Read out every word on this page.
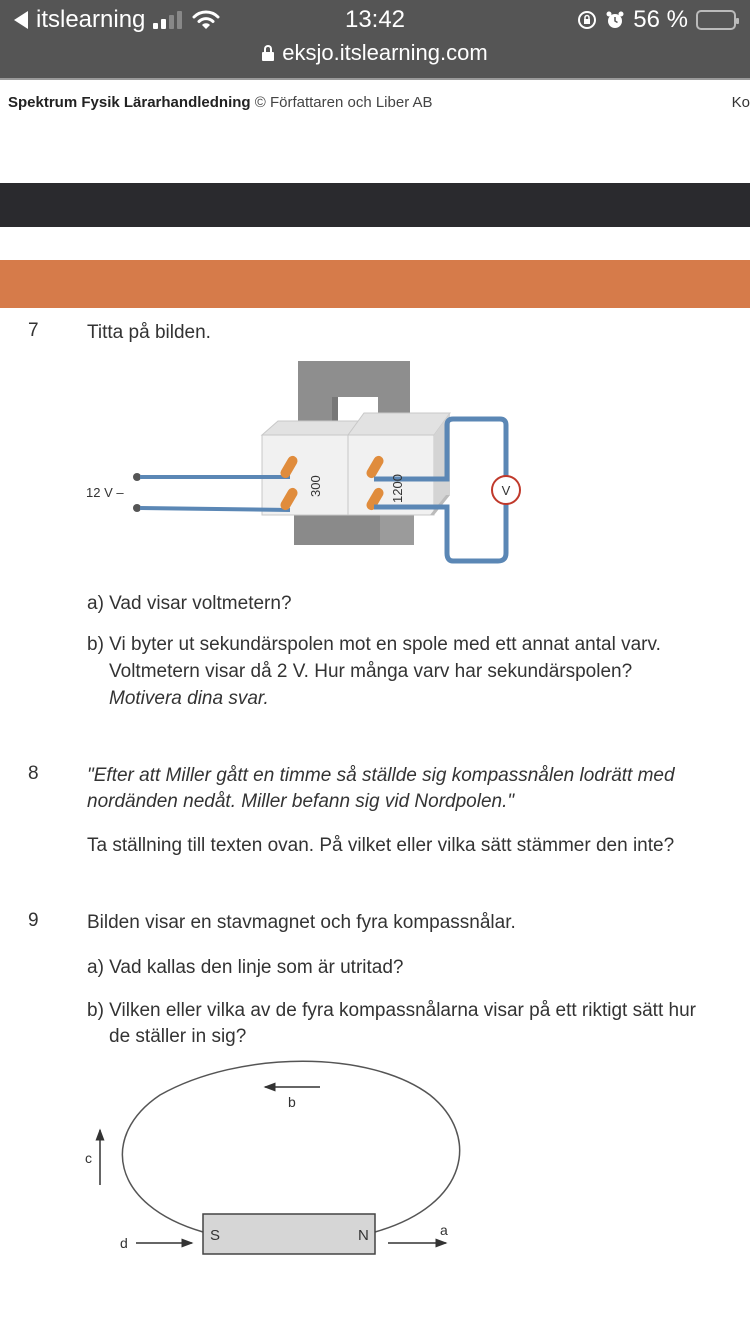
itslearning	13:42	56 %
eksjo.itslearning.com
Spektrum Fysik Lärarhandledning © Författaren och Liber AB	Ko
7	Titta på bilden.
V
12 V –	300	1200
a) Vad visar voltmetern?
b) Vi byter ut sekundärspolen mot en spole med ett annat antal varv.
Voltmetern visar då 2 V. Hur många varv har sekundärspolen?
Motivera dina svar.
8	"Efter att Miller gått en timme så ställde sig kompassnålen lodrätt med
nordänden nedåt. Miller befann sig vid Nordpolen."
Ta ställning till texten ovan. På vilket eller vilka sätt stämmer den inte?
9	Bilden visar en stavmagnet och fyra kompassnålar.
a) Vad kallas den linje som är utritad?
b) Vilken eller vilka av de fyra kompassnålarna visar på ett riktigt sätt hur
de ställer in sig?
S	N
b
c
d
a
